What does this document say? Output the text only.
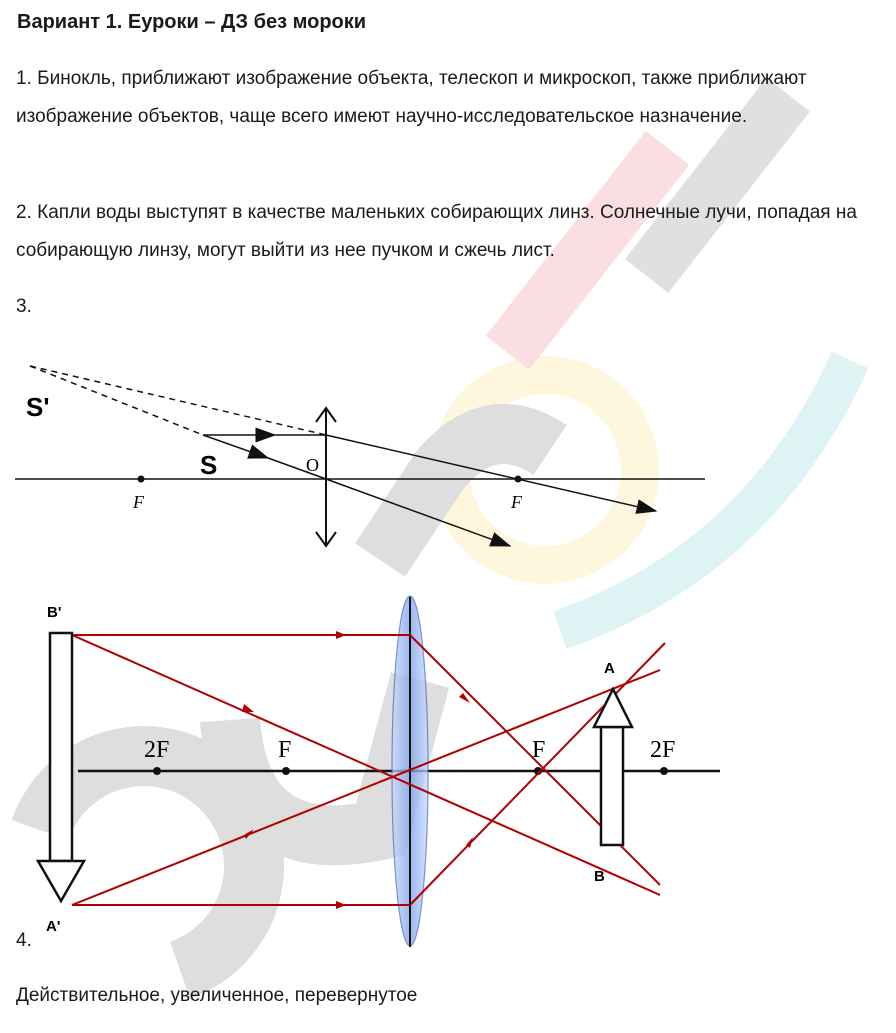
Вариант 1. Еуроки – ДЗ без мороки

1. Бинокль, приближают изображение объекта, телескоп и микроскоп, также приближают изображение объектов, чаще всего имеют научно-исследовательское назначение.

2. Капли воды выступят в качестве маленьких собирающих линз. Солнечные лучи, попадая на собирающую линзу, могут выйти из нее пучком и сжечь лист.

3.

S'
S	O
F	F
B'
A'
A
B
2F	F	F	2F

4.

Действительное, увеличенное, перевернутое
